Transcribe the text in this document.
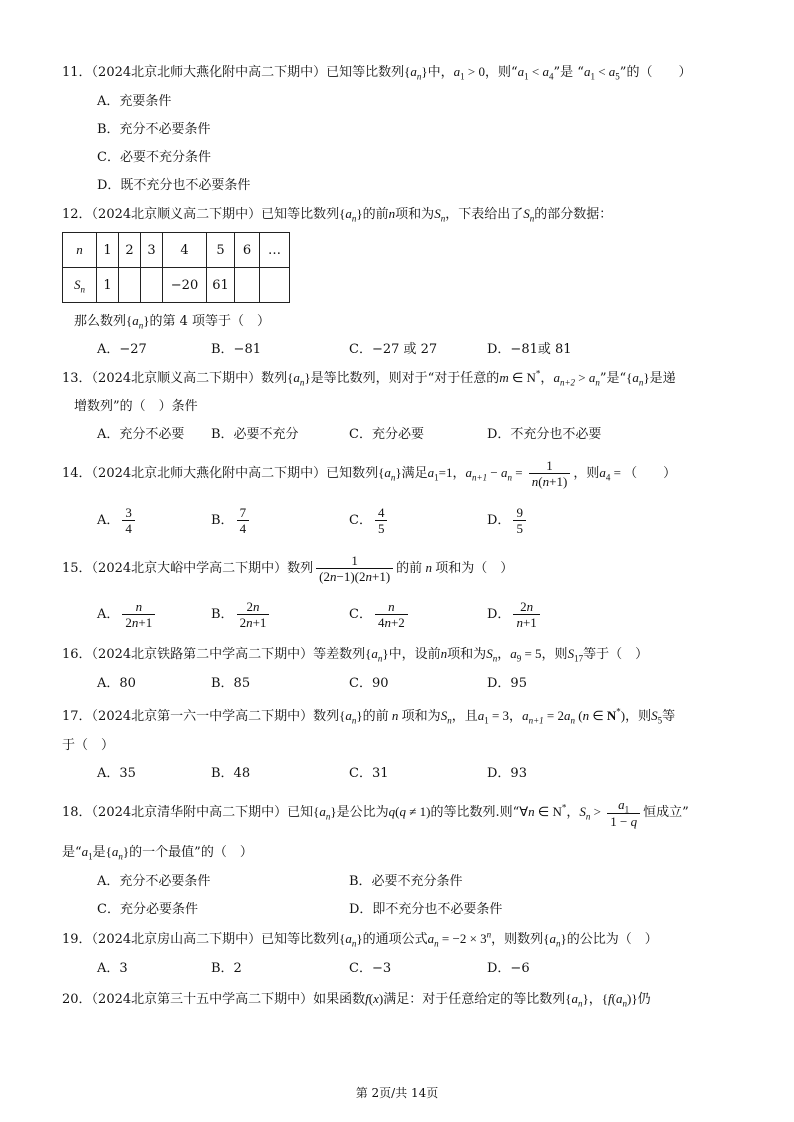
11．（2024北京北师大燕化附中高二下期中）已知等比数列$\{a_n\}$中，$a_1 > 0$，则“$a_1 < a_4$”是 “$a_1 < a_5$”的（　　）
A．充要条件
B．充分不必要条件
C．必要不充分条件
D．既不充分也不必要条件
12．（2024北京顺义高二下期中）已知等比数列$\{a_n\}$的前n项和为$S_n$，下表给出了$S_n$的部分数据：
n	1	2	3	4	5	6	…
$S_n$	1			−20	61		
那么数列$\{a_n\}$的第 4 项等于（　）
A．−27	B．−81	C．−27 或 27	D．−81或 81
13．（2024北京顺义高二下期中）数列$\{a_n\}$是等比数列，则对于“对于任意的m ∈ N*，$a_{n+2} > a_n$”是“$\{a_n\}$是递
增数列”的（　）条件
A．充分不必要 B．必要不充分	C．充分必要	D．不充分也不必要
14．（2024北京北师大燕化附中高二下期中）已知数列$\{a_n\}$满足$a_1=1$，$a_{n+1} - a_n = \frac{1}{n(n+1)}$ ，则$a_4$ = （　　）
A． $\frac{3}{4}$	B． $\frac{7}{4}$	C． $\frac{4}{5}$	D． $\frac{9}{5}$
15．（2024北京大峪中学高二下期中）数列 $\frac{1}{(2n-1)(2n+1)}$ 的前 n 项和为（　）
A． $\frac{n}{2n+1}$	B． $\frac{2n}{2n+1}$	C． $\frac{n}{4n+2}$	D． $\frac{2n}{n+1}$
16．（2024北京铁路第二中学高二下期中）等差数列$\{a_n\}$中，设前n项和为$S_n$，$a_9 = 5$，则$S_{17}$等于（　）
A．80	B．85	C．90	D．95
17．（2024北京第一六一中学高二下期中）数列$\{a_n\}$的前 n 项和为$S_n$，且$a_1 = 3$，$a_{n+1} = 2a_n$ (n ∈ N*)，则$S_5$等
于（　）
A．35	B．48	C．31	D．93
18．（2024北京清华附中高二下期中）已知$\{a_n\}$是公比为q(q ≠ 1)的等比数列.则“∀n ∈ N*，$S_n > \frac{a_1}{1 - q}$ 恒成立”
是“$a_1$是$\{a_n\}$的一个最值”的（　）
A．充分不必要条件	B．必要不充分条件
C．充分必要条件	D．即不充分也不必要条件
19．（2024北京房山高二下期中）已知等比数列$\{a_n\}$的通项公式$a_n = -2 \times 3^n$，则数列$\{a_n\}$的公比为（　）
A．3	B．2	C．−3	D．−6
20．（2024北京第三十五中学高二下期中）如果函数f(x)满足：对于任意给定的等比数列$\{a_n\}$，$\{f(a_n)\}$仍
第 2页/共 14页
